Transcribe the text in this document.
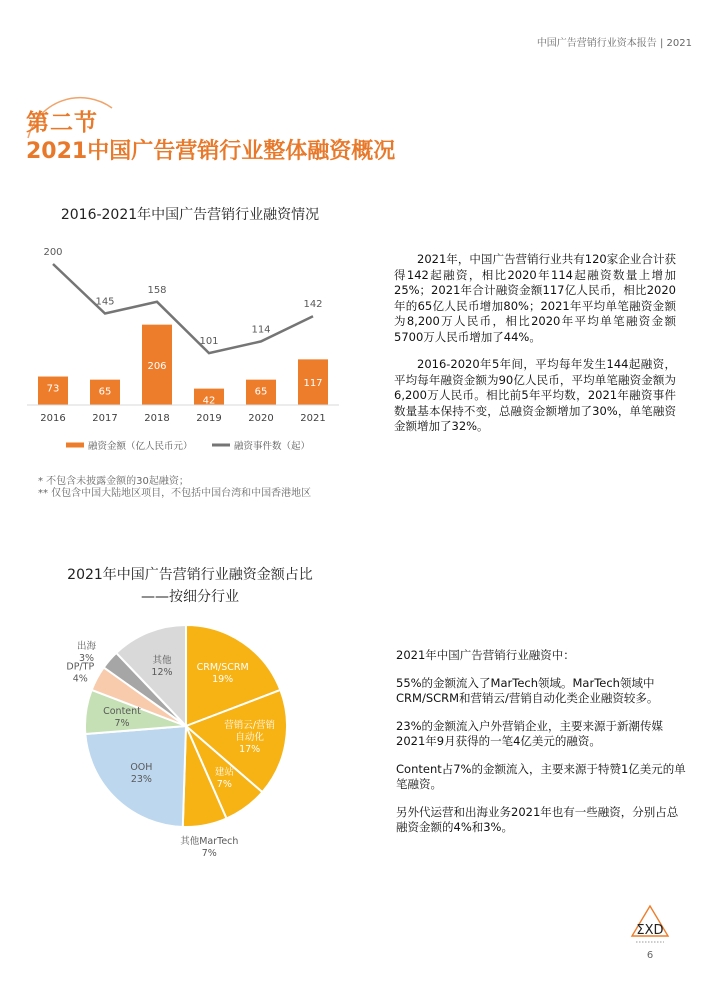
中国广告营销行业资本报告 | 2021
第二节
2021中国广告营销行业整体融资概况
2016-2021年中国广告营销行业融资情况
73	65
206
42
65
117
200
145
158
101
114
142
2016	2017	2018	2019	2020	2021
融资金额（亿人民币元）	融资事件数（起）
* 不包含未披露金额的30起融资；
** 仅包含中国大陆地区项目，不包括中国台湾和中国香港地区

2021年，中国广告营销行业共有120家企业合计获得142起融资，相比2020年114起融资数量上增加25%；2021年合计融资金额117亿人民币，相比2020年的65亿人民币增加80%；2021年平均单笔融资金额为8,200万人民币，相比2020年平均单笔融资金额5700万人民币增加了44%。

2016-2020年5年间，平均每年发生144起融资，平均每年融资金额为90亿人民币，平均单笔融资金额为6,200万人民币。相比前5年平均数，2021年融资事件数量基本保持不变，总融资金额增加了30%，单笔融资金额增加了32%。

2021年中国广告营销行业融资金额占比
——按细分行业
CRM/SCRM
19%
营销云/营销
自动化
17%
建站
7%
其他MarTech
7%
OOH
23%
Content
7%
DP/TP
4%
出海
3%	其他
12%

2021年中国广告营销行业融资中：

55%的金额流入了MarTech领域。MarTech领域中CRM/SCRM和营销云/营销自动化类企业融资较多。

23%的金额流入户外营销企业，主要来源于新潮传媒2021年9月获得的一笔4亿美元的融资。

Content占7%的金额流入，主要来源于特赞1亿美元的单笔融资。

另外代运营和出海业务2021年也有一些融资，分别占总融资金额的4%和3%。

ΣXD
6
